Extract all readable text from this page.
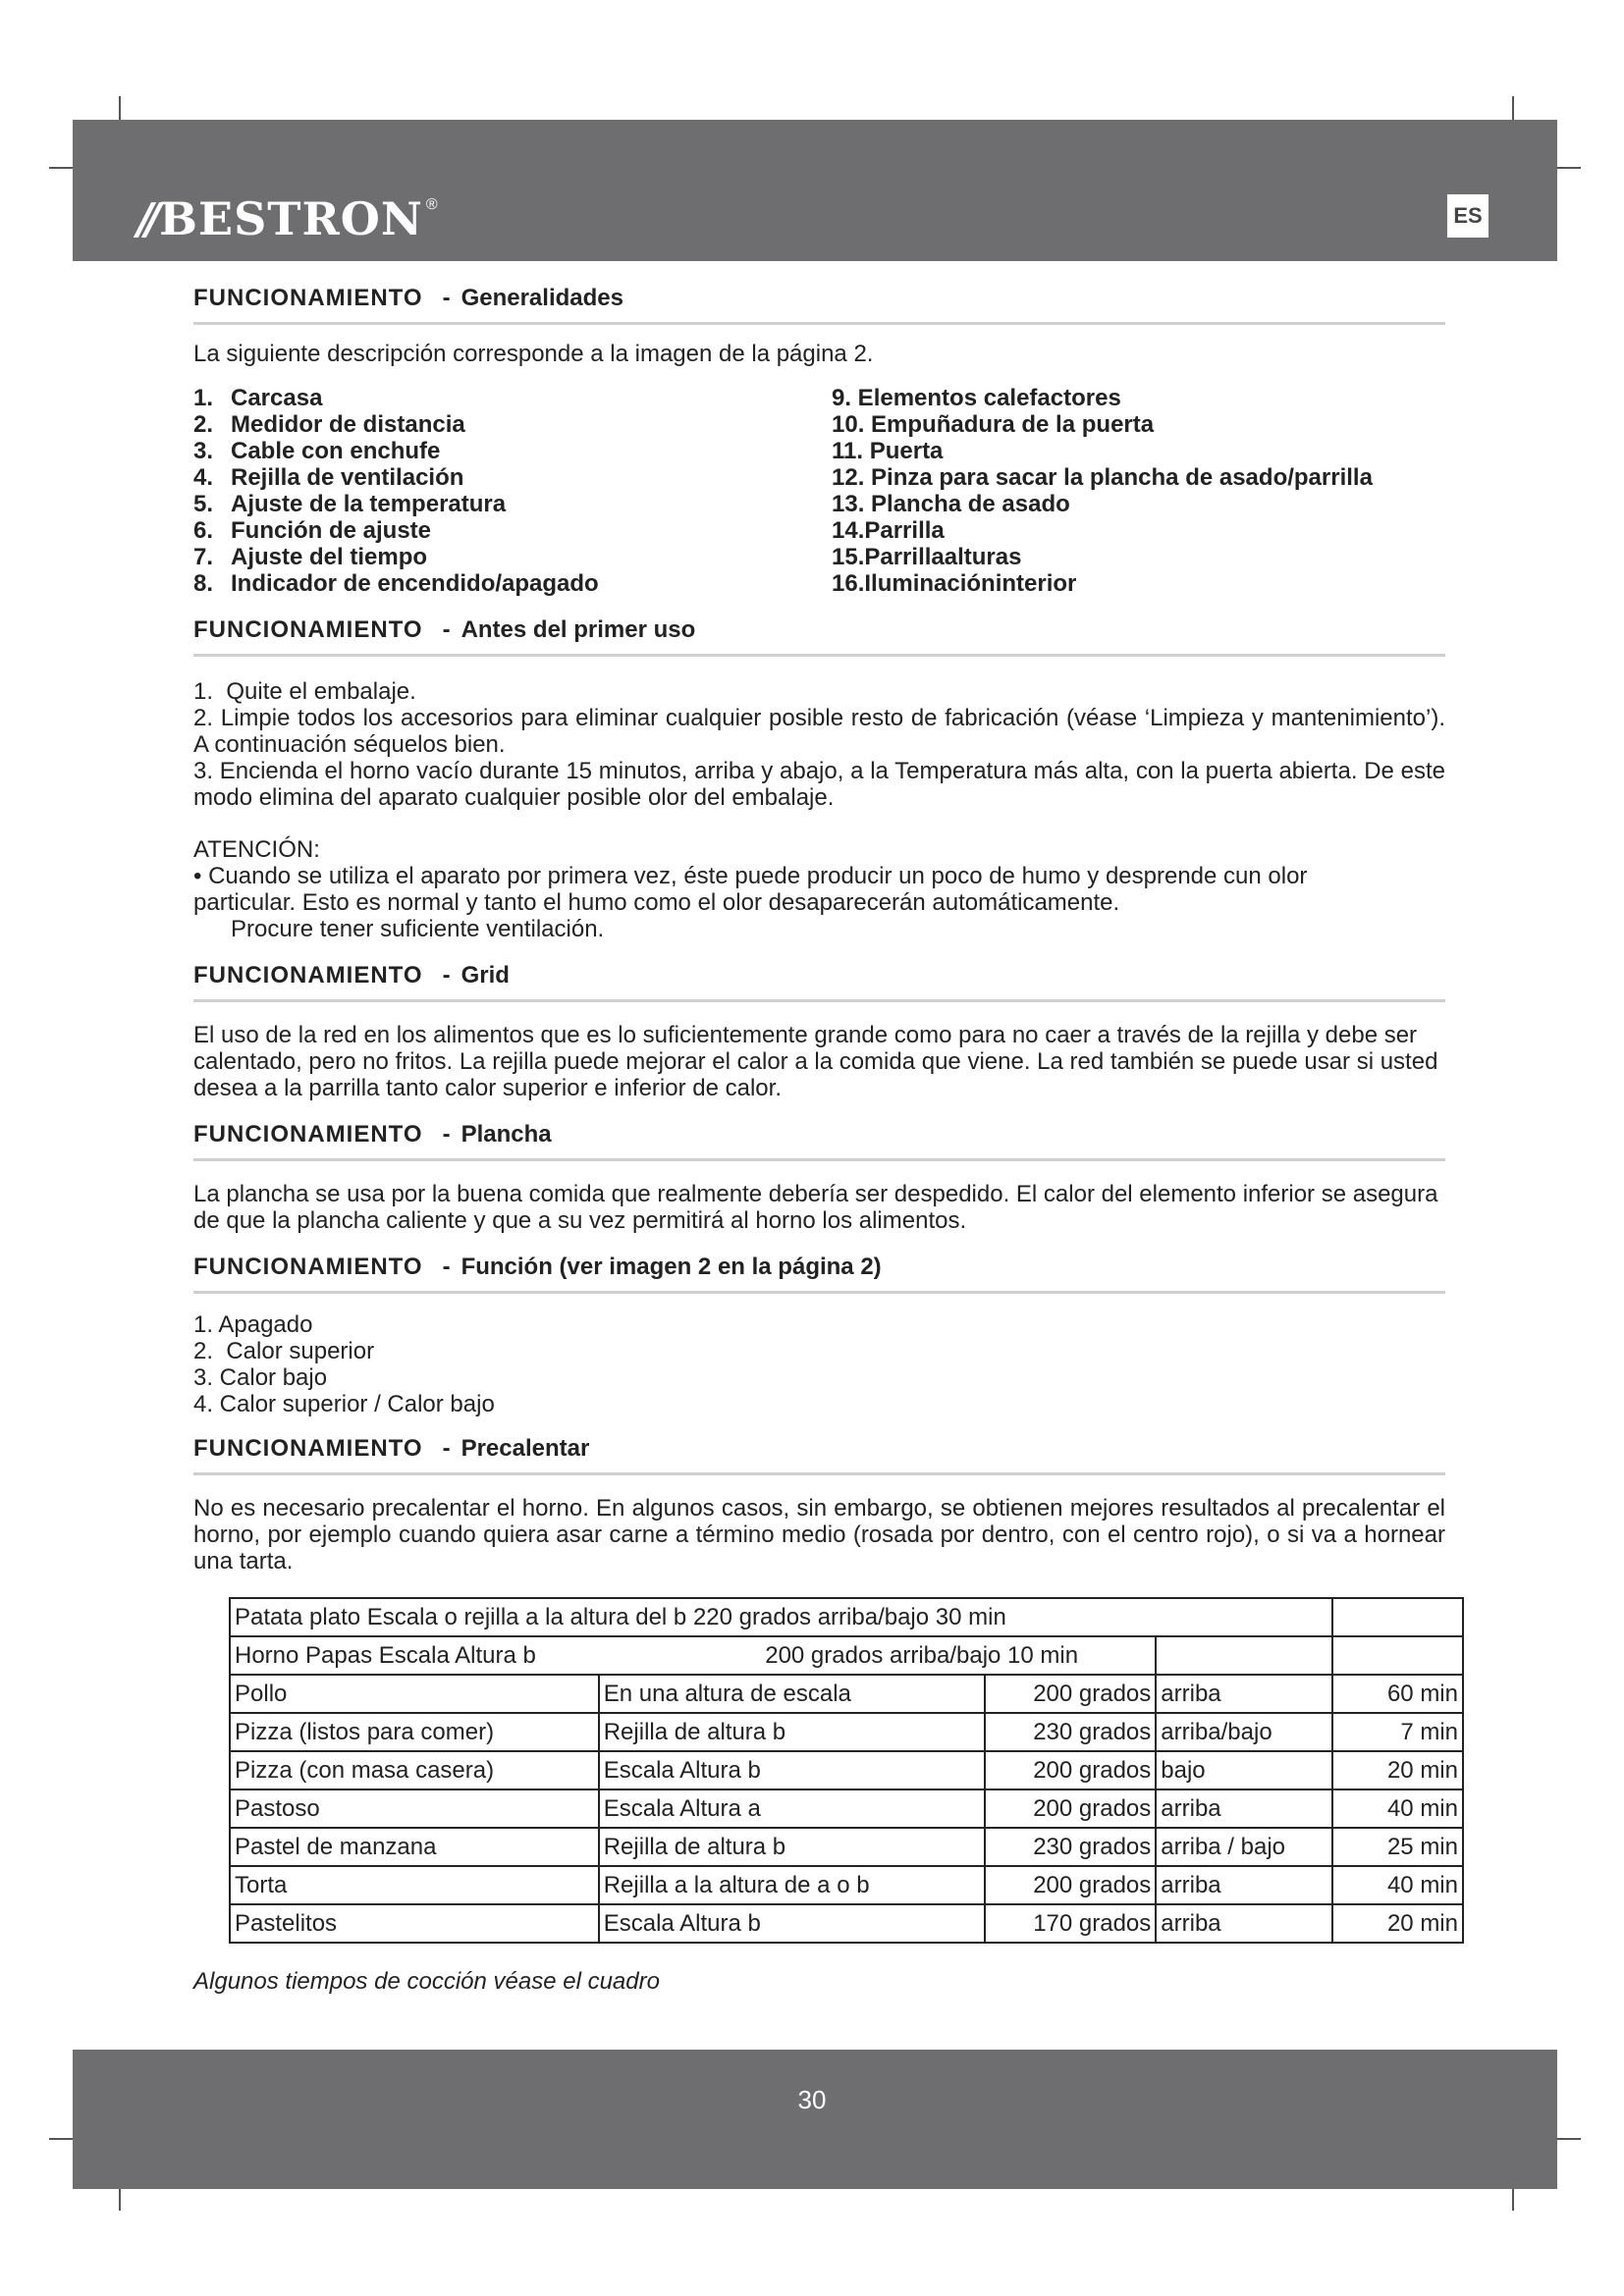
// BESTRON ®	ES
FUNCIONAMIENTO - Generalidades

La siguiente descripción corresponde a la imagen de la página 2.

1. Carcasa
2. Medidor de distancia
3. Cable con enchufe
4. Rejilla de ventilación
5. Ajuste de la temperatura
6. Función de ajuste
7. Ajuste del tiempo
8. Indicador de encendido/apagado
9. Elementos calefactores
10. Empuñadura de la puerta
11. Puerta
12. Pinza para sacar la plancha de asado/parrilla
13. Plancha de asado
14.Parrilla
15.Parrillaalturas
16.Iluminacióninterior
FUNCIONAMIENTO - Antes del primer uso

1.  Quite el embalaje.

2. Limpie todos los accesorios para eliminar cualquier posible resto de fabricación (véase ‘Limpieza y mantenimiento’). A continuación séquelos bien.

3. Encienda el horno vacío durante 15 minutos, arriba y abajo, a la Temperatura más alta, con la puerta abierta. De este modo elimina del aparato cualquier posible olor del embalaje.

ATENCIÓN:

• Cuando se utiliza el aparato por primera vez, éste puede producir un poco de humo y desprende cun olor particular. Esto es normal y tanto el humo como el olor desaparecerán automáticamente.

Procure tener suficiente ventilación.

FUNCIONAMIENTO - Grid

El uso de la red en los alimentos que es lo suficientemente grande como para no caer a través de la rejilla y debe ser calentado, pero no fritos. La rejilla puede mejorar el calor a la comida que viene. La red también se puede usar si usted desea a la parrilla tanto calor superior e inferior de calor.

FUNCIONAMIENTO - Plancha

La plancha se usa por la buena comida que realmente debería ser despedido. El calor del elemento inferior se asegura de que la plancha caliente y que a su vez permitirá al horno los alimentos.

FUNCIONAMIENTO - Función (ver imagen 2 en la página 2)

1. Apagado

2.  Calor superior

3. Calor bajo

4. Calor superior / Calor bajo

FUNCIONAMIENTO - Precalentar

No es necesario precalentar el horno. En algunos casos, sin embargo, se obtienen mejores resultados al precalentar el horno, por ejemplo cuando quiera asar carne a término medio (rosada por dentro, con el centro rojo), o si va a hornear una tarta.

Patata plato Escala o rejilla a la altura del b 220 grados arriba/bajo 30 min				
Horno Papas Escala Altura b                                   200 grados arriba/bajo 10 min				
Pollo	En una altura de escala	200 grados	arriba	60 min
Pizza (listos para comer)	Rejilla de altura b	230 grados	arriba/bajo	7 min
Pizza (con masa casera)	Escala Altura b	200 grados	bajo	20 min
Pastoso	Escala Altura a	200 grados	arriba	40 min
Pastel de manzana	Rejilla de altura b	230 grados	arriba / bajo	25 min
Torta	Rejilla a la altura de a o b	200 grados	arriba	40 min
Pastelitos	Escala Altura b	170 grados	arriba	20 min

Algunos tiempos de cocción véase el cuadro

30
